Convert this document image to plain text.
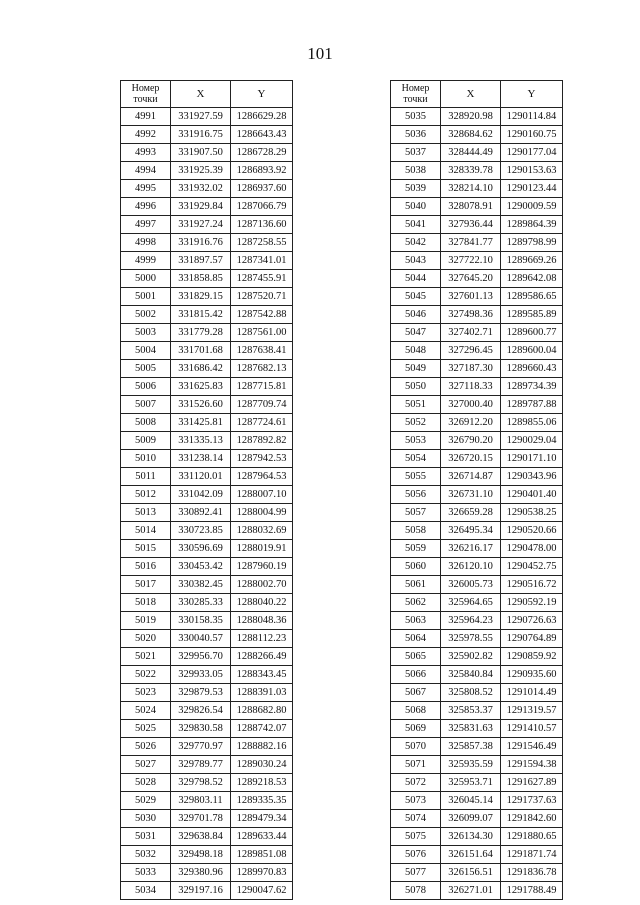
101
Номер
точки	X	Y
4991	331927.59	1286629.28
4992	331916.75	1286643.43
4993	331907.50	1286728.29
4994	331925.39	1286893.92
4995	331932.02	1286937.60
4996	331929.84	1287066.79
4997	331927.24	1287136.60
4998	331916.76	1287258.55
4999	331897.57	1287341.01
5000	331858.85	1287455.91
5001	331829.15	1287520.71
5002	331815.42	1287542.88
5003	331779.28	1287561.00
5004	331701.68	1287638.41
5005	331686.42	1287682.13
5006	331625.83	1287715.81
5007	331526.60	1287709.74
5008	331425.81	1287724.61
5009	331335.13	1287892.82
5010	331238.14	1287942.53
5011	331120.01	1287964.53
5012	331042.09	1288007.10
5013	330892.41	1288004.99
5014	330723.85	1288032.69
5015	330596.69	1288019.91
5016	330453.42	1287960.19
5017	330382.45	1288002.70
5018	330285.33	1288040.22
5019	330158.35	1288048.36
5020	330040.57	1288112.23
5021	329956.70	1288266.49
5022	329933.05	1288343.45
5023	329879.53	1288391.03
5024	329826.54	1288682.80
5025	329830.58	1288742.07
5026	329770.97	1288882.16
5027	329789.77	1289030.24
5028	329798.52	1289218.53
5029	329803.11	1289335.35
5030	329701.78	1289479.34
5031	329638.84	1289633.44
5032	329498.18	1289851.08
5033	329380.96	1289970.83
5034	329197.16	1290047.62
Номер
точки	X	Y
5035	328920.98	1290114.84
5036	328684.62	1290160.75
5037	328444.49	1290177.04
5038	328339.78	1290153.63
5039	328214.10	1290123.44
5040	328078.91	1290009.59
5041	327936.44	1289864.39
5042	327841.77	1289798.99
5043	327722.10	1289669.26
5044	327645.20	1289642.08
5045	327601.13	1289586.65
5046	327498.36	1289585.89
5047	327402.71	1289600.77
5048	327296.45	1289600.04
5049	327187.30	1289660.43
5050	327118.33	1289734.39
5051	327000.40	1289787.88
5052	326912.20	1289855.06
5053	326790.20	1290029.04
5054	326720.15	1290171.10
5055	326714.87	1290343.96
5056	326731.10	1290401.40
5057	326659.28	1290538.25
5058	326495.34	1290520.66
5059	326216.17	1290478.00
5060	326120.10	1290452.75
5061	326005.73	1290516.72
5062	325964.65	1290592.19
5063	325964.23	1290726.63
5064	325978.55	1290764.89
5065	325902.82	1290859.92
5066	325840.84	1290935.60
5067	325808.52	1291014.49
5068	325853.37	1291319.57
5069	325831.63	1291410.57
5070	325857.38	1291546.49
5071	325935.59	1291594.38
5072	325953.71	1291627.89
5073	326045.14	1291737.63
5074	326099.07	1291842.60
5075	326134.30	1291880.65
5076	326151.64	1291871.74
5077	326156.51	1291836.78
5078	326271.01	1291788.49
